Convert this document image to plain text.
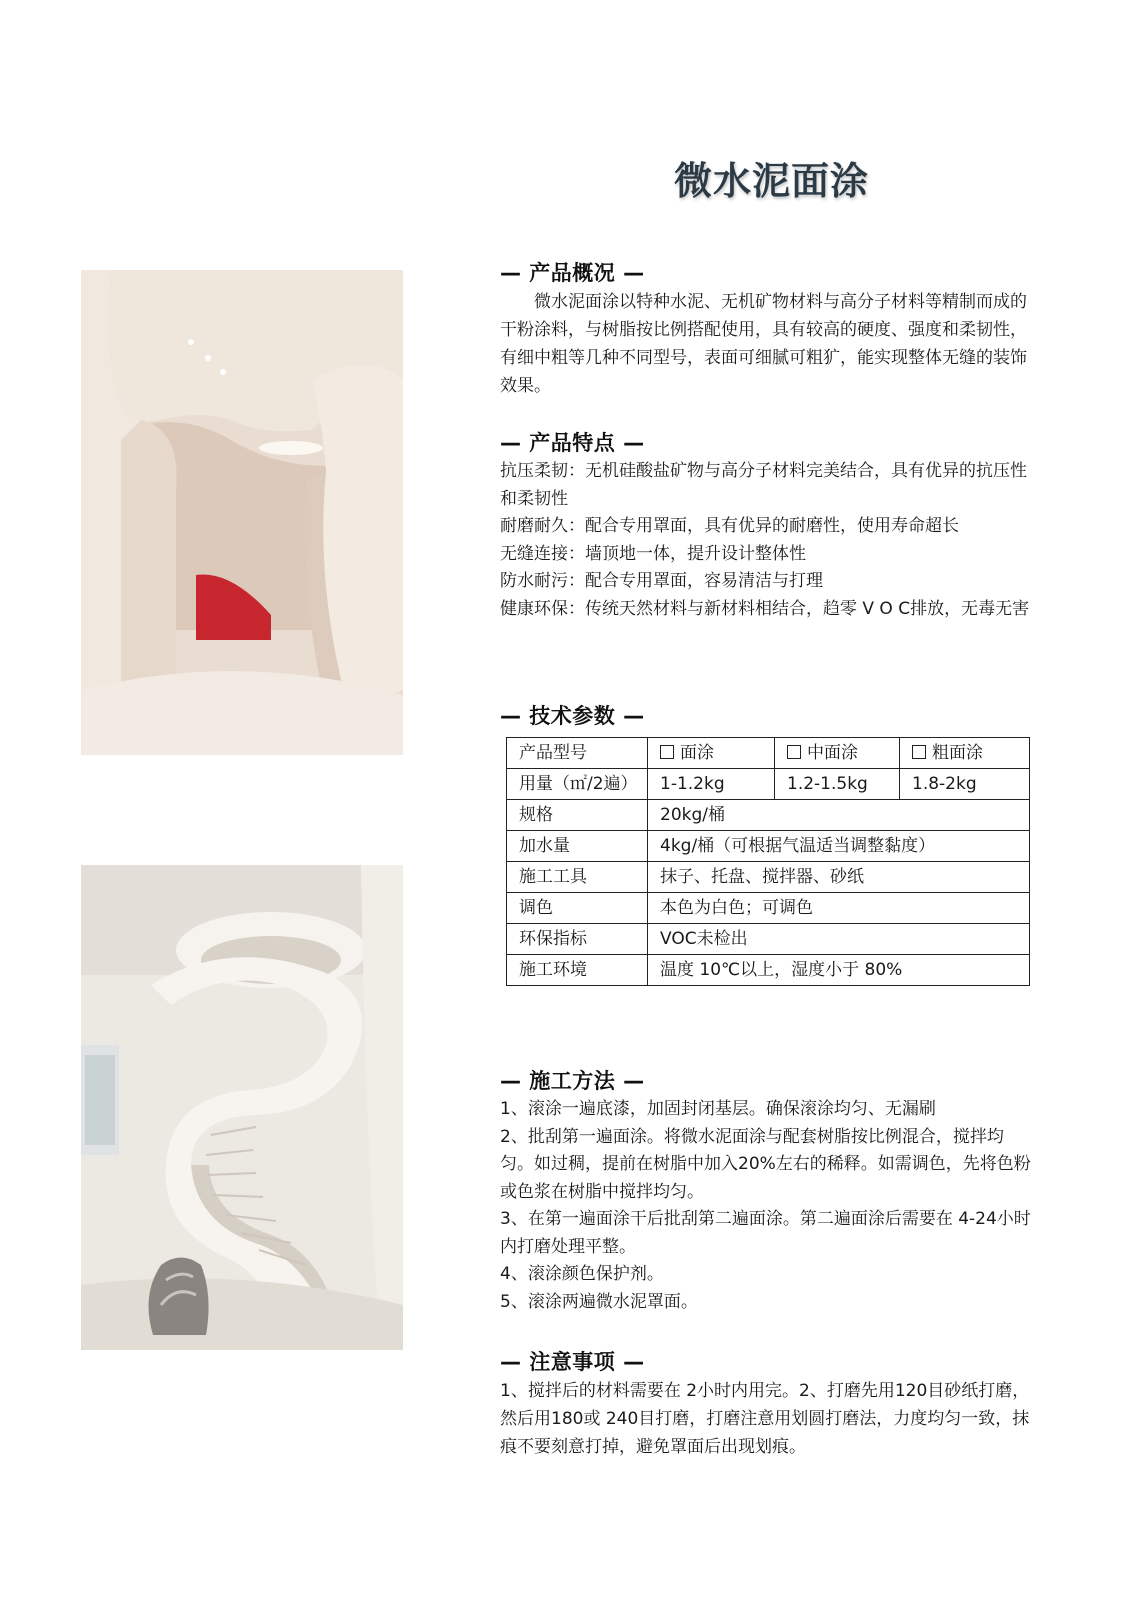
微水泥面涂

— 产品概况 —

微水泥面涂以特种水泥、无机矿物材料与高分子材料等精制而成的干粉涂料，与树脂按比例搭配使用，具有较高的硬度、强度和柔韧性，有细中粗等几种不同型号，表面可细腻可粗犷，能实现整体无缝的装饰效果。

— 产品特点 —

抗压柔韧：无机硅酸盐矿物与高分子材料完美结合，具有优异的抗压性和柔韧性

耐磨耐久：配合专用罩面，具有优异的耐磨性，使用寿命超长

无缝连接：墙顶地一体，提升设计整体性

防水耐污：配合专用罩面，容易清洁与打理

健康环保：传统天然材料与新材料相结合，趋零 V O C排放，无毒无害

— 技术参数 —

产品型号	面涂	中面涂	粗面涂
用量（㎡/2遍）	1-1.2kg	1.2-1.5kg	1.8-2kg
规格	20kg/桶		
加水量	4kg/桶（可根据气温适当调整黏度）		
施工工具	抹子、托盘、搅拌器、砂纸		
调色	本色为白色；可调色		
环保指标	VOC未检出		
施工环境	温度 10℃以上，湿度小于 80%		

— 施工方法 —

1、滚涂一遍底漆，加固封闭基层。确保滚涂均匀、无漏刷

2、批刮第一遍面涂。将微水泥面涂与配套树脂按比例混合，搅拌均匀。如过稠，提前在树脂中加入20%左右的稀释。如需调色，先将色粉或色浆在树脂中搅拌均匀。

3、在第一遍面涂干后批刮第二遍面涂。第二遍面涂后需要在 4-24小时内打磨处理平整。

4、滚涂颜色保护剂。

5、滚涂两遍微水泥罩面。

— 注意事项 —

1、搅拌后的材料需要在 2小时内用完。2、打磨先用120目砂纸打磨，然后用180或 240目打磨，打磨注意用划圆打磨法，力度均匀一致，抹痕不要刻意打掉，避免罩面后出现划痕。
